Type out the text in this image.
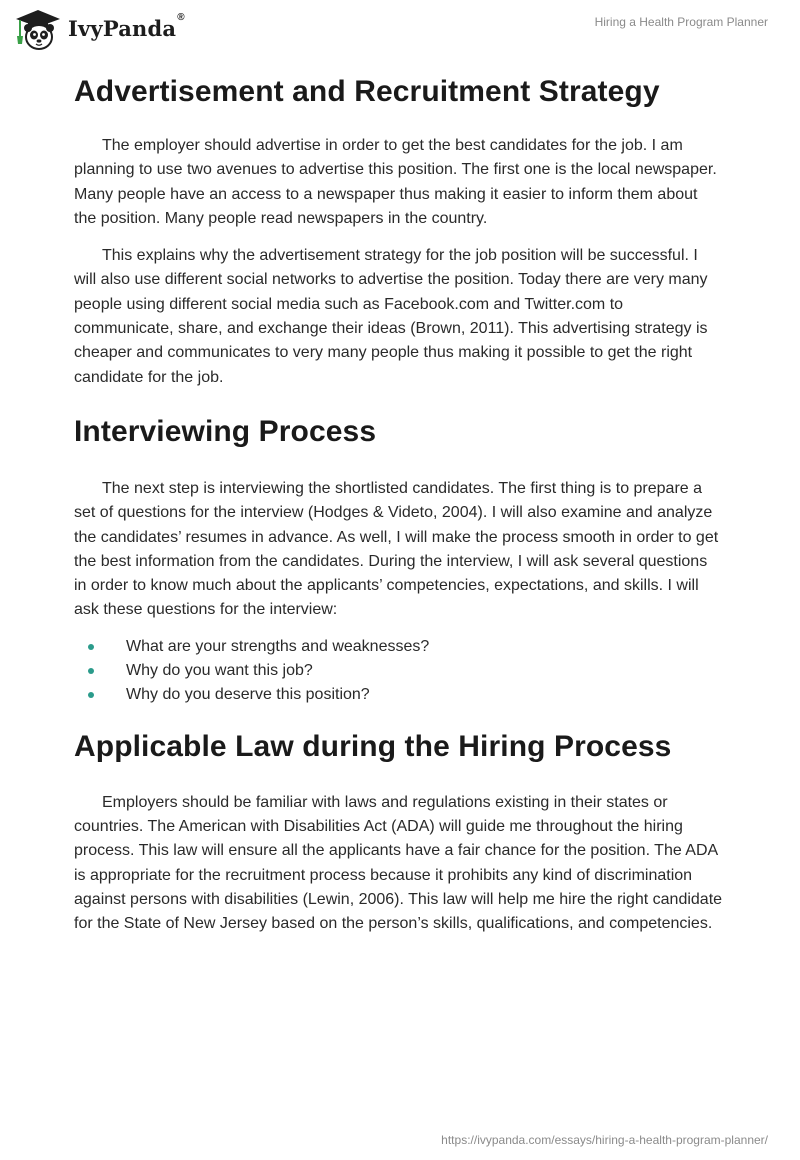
IvyPanda®	Hiring a Health Program Planner
Advertisement and Recruitment Strategy

The employer should advertise in order to get the best candidates for the job. I am planning to use two avenues to advertise this position. The first one is the local newspaper. Many people have an access to a newspaper thus making it easier to inform them about the position. Many people read newspapers in the country.

This explains why the advertisement strategy for the job position will be successful. I will also use different social networks to advertise the position. Today there are very many people using different social media such as Facebook.com and Twitter.com to communicate, share, and exchange their ideas (Brown, 2011). This advertising strategy is cheaper and communicates to very many people thus making it possible to get the right candidate for the job.

Interviewing Process

The next step is interviewing the shortlisted candidates. The first thing is to prepare a set of questions for the interview (Hodges & Videto, 2004). I will also examine and analyze the candidates’ resumes in advance. As well, I will make the process smooth in order to get the best information from the candidates. During the interview, I will ask several questions in order to know much about the applicants’ competencies, expectations, and skills. I will ask these questions for the interview:

What are your strengths and weaknesses?
Why do you want this job?
Why do you deserve this position?
Applicable Law during the Hiring Process

Employers should be familiar with laws and regulations existing in their states or countries. The American with Disabilities Act (ADA) will guide me throughout the hiring process. This law will ensure all the applicants have a fair chance for the position. The ADA is appropriate for the recruitment process because it prohibits any kind of discrimination against persons with disabilities (Lewin, 2006). This law will help me hire the right candidate for the State of New Jersey based on the person’s skills, qualifications, and competencies.

https://ivypanda.com/essays/hiring-a-health-program-planner/
